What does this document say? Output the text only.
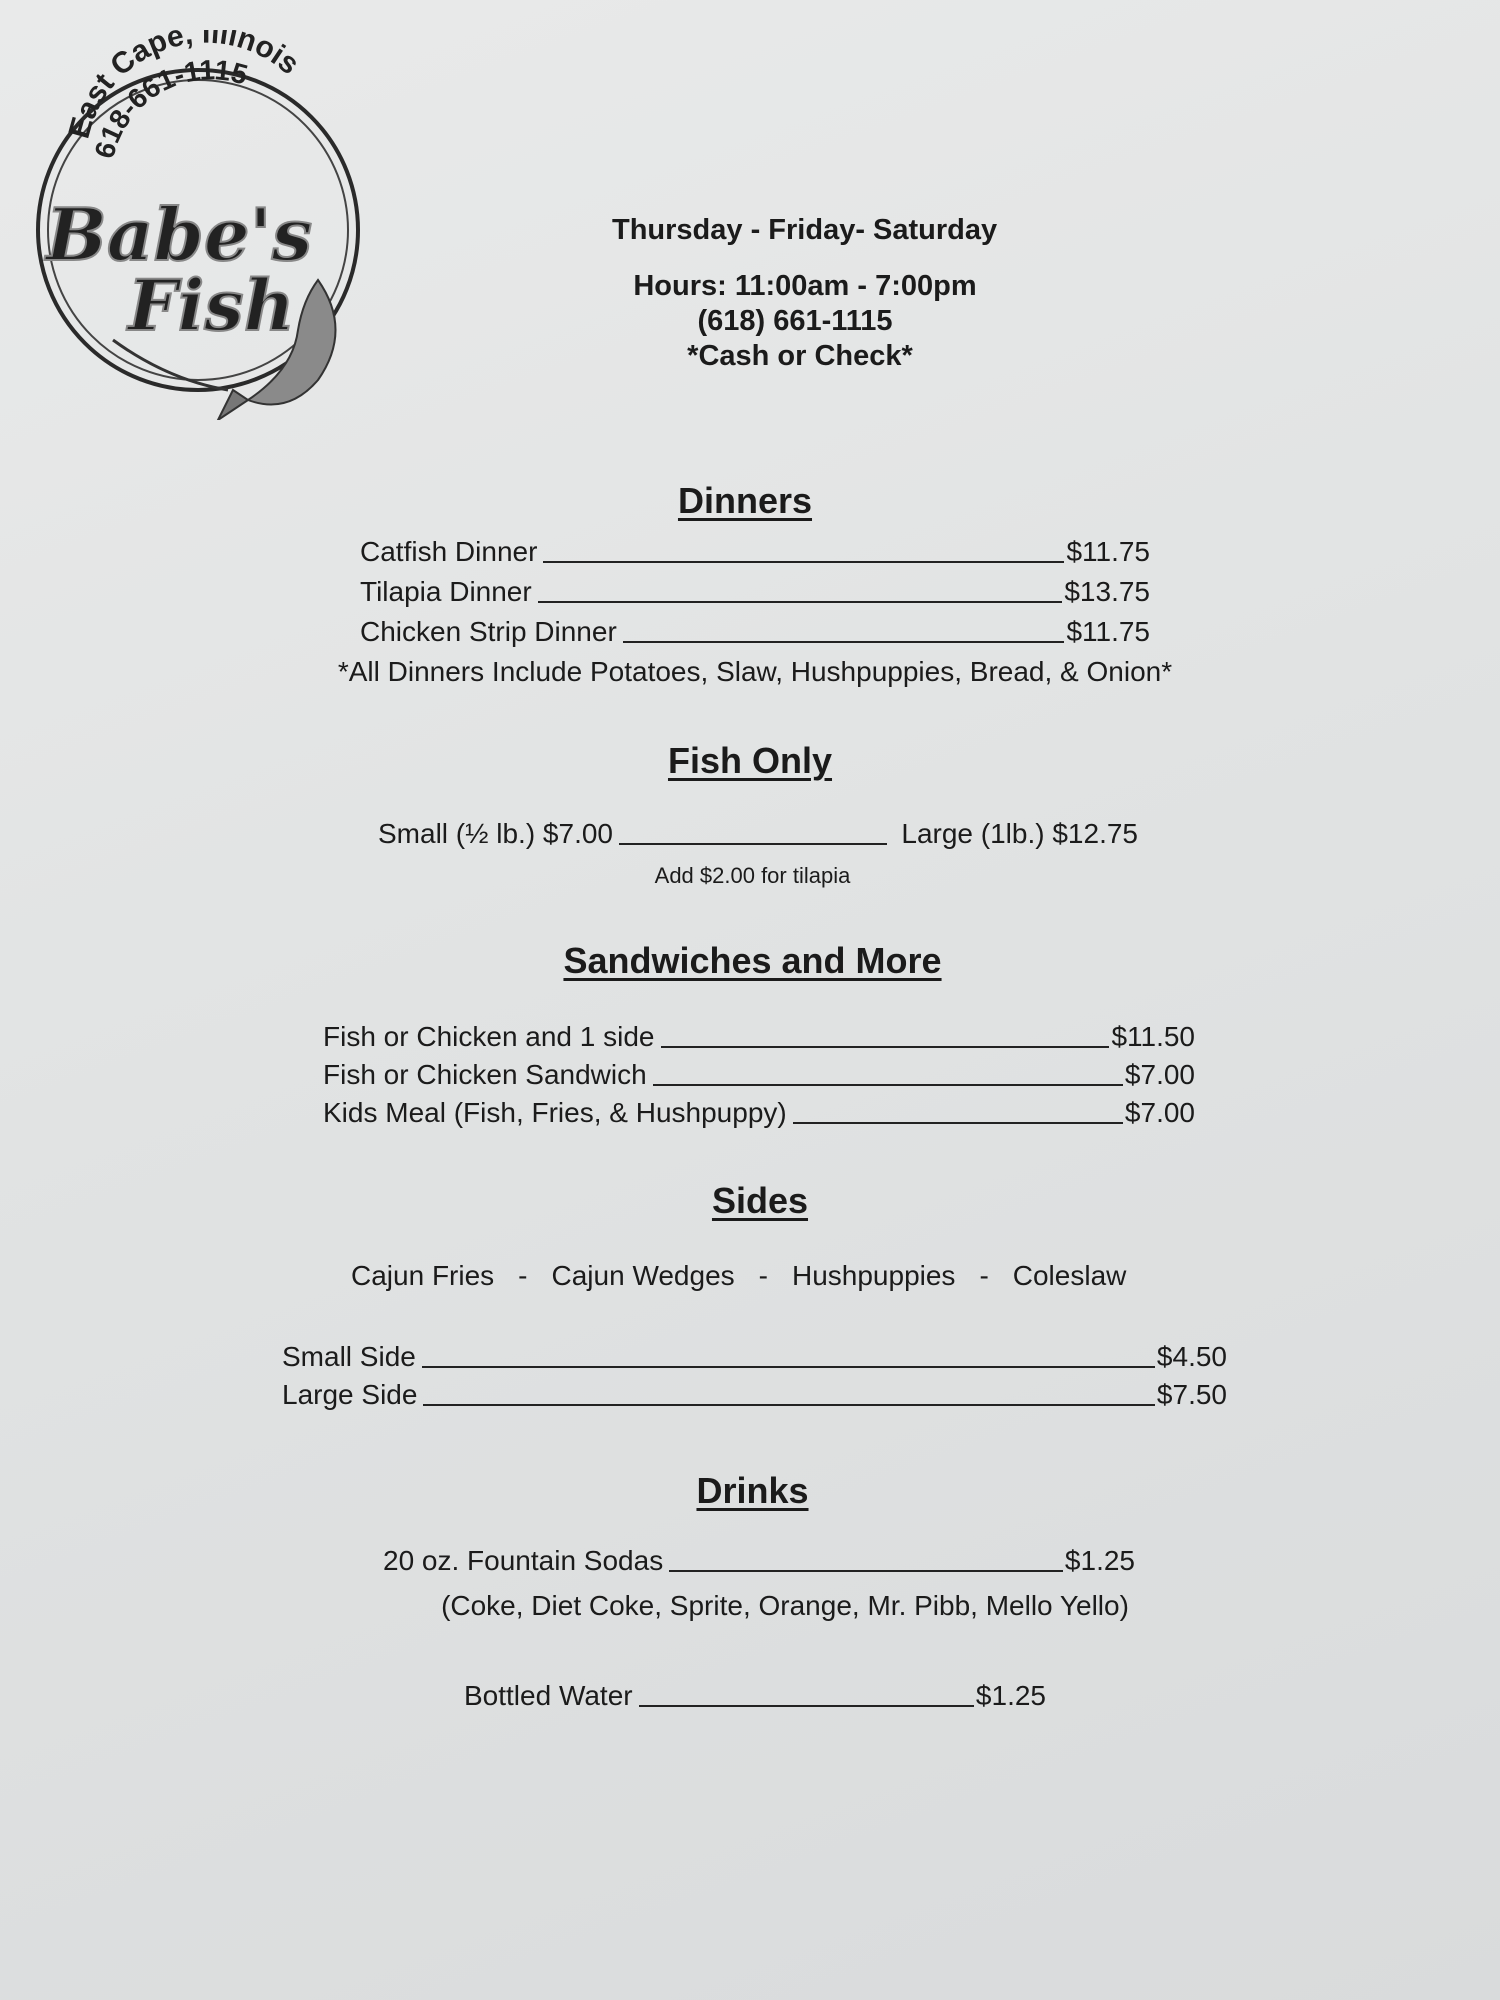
East Cape, Illinois
618-661-1115
Babe's
Fish
Thursday - Friday- Saturday
Hours: 11:00am - 7:00pm
(618) 661-1115
*Cash or Check*
Dinners
Catfish Dinner	$11.75
Tilapia Dinner	$13.75
Chicken Strip Dinner	$11.75
*All Dinners Include Potatoes, Slaw, Hushpuppies, Bread, & Onion*
Fish Only
Small (½ lb.) $7.00	Large (1lb.) $12.75
Add $2.00 for tilapia
Sandwiches and More
Fish or Chicken and 1 side	$11.50
Fish or Chicken Sandwich	$7.00
Kids Meal (Fish, Fries, & Hushpuppy)	$7.00
Sides
Cajun Fries - Cajun Wedges - Hushpuppies - Coleslaw
Small Side	$4.50
Large Side	$7.50
Drinks
20 oz. Fountain Sodas	$1.25
(Coke, Diet Coke, Sprite, Orange, Mr. Pibb, Mello Yello)
Bottled Water	$1.25
